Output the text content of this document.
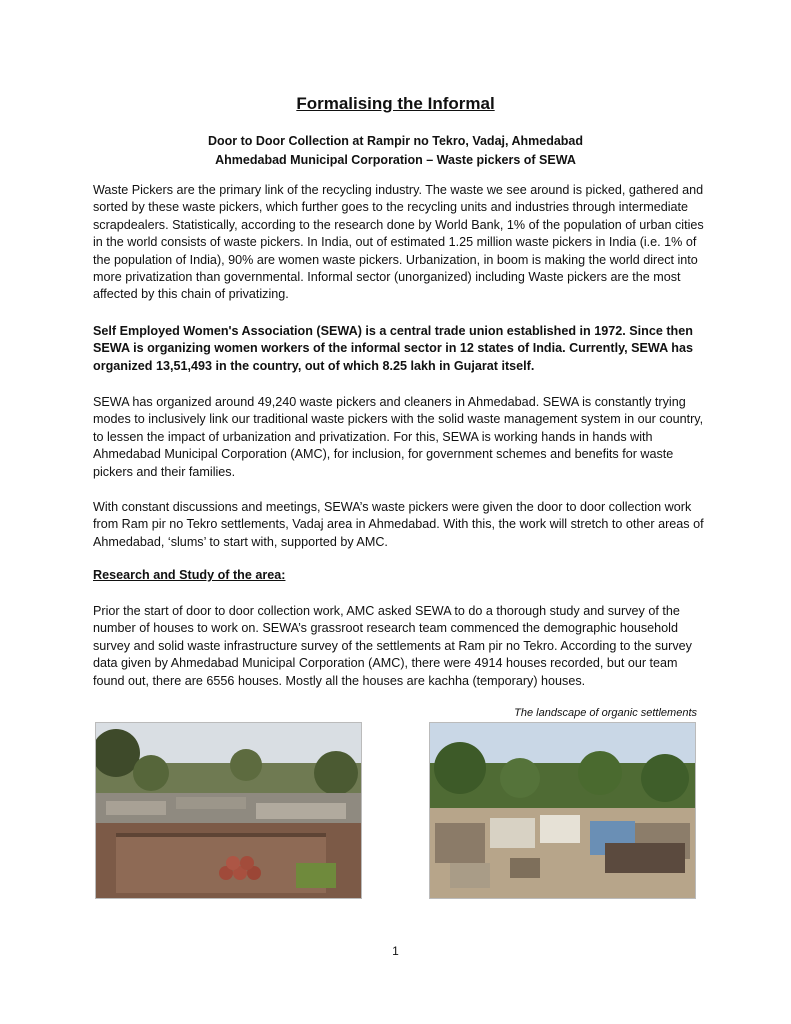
Formalising the Informal
Door to Door Collection at Rampir no Tekro, Vadaj, Ahmedabad
Ahmedabad Municipal Corporation – Waste pickers of SEWA

Waste Pickers are the primary link of the recycling industry. The waste we see around is picked, gathered and sorted by these waste pickers, which further goes to the recycling units and industries through intermediate scrapdealers. Statistically, according to the research done by World Bank, 1% of the population of urban cities in the world consists of waste pickers. In India, out of estimated 1.25 million waste pickers in India (i.e. 1% of the population of India), 90% are women waste pickers. Urbanization, in boom is making the world direct into more privatization than governmental. Informal sector (unorganized) including Waste pickers are the most affected by this chain of privatizing.

Self Employed Women's Association (SEWA) is a central trade union established in 1972. Since then SEWA is organizing women workers of the informal sector in 12 states of India. Currently, SEWA has organized 13,51,493 in the country, out of which 8.25 lakh in Gujarat itself.

SEWA has organized around 49,240 waste pickers and cleaners in Ahmedabad. SEWA is constantly trying modes to inclusively link our traditional waste pickers with the solid waste management system in our country, to lessen the impact of urbanization and privatization. For this, SEWA is working hands in hands with Ahmedabad Municipal Corporation (AMC), for inclusion, for government schemes and benefits for waste pickers and their families.

With constant discussions and meetings, SEWA’s waste pickers were given the door to door collection work from Ram pir no Tekro settlements, Vadaj area in Ahmedabad. With this, the work will stretch to other areas of Ahmedabad, ‘slums’ to start with, supported by AMC.

Research and Study of the area:

Prior the start of door to door collection work, AMC asked SEWA to do a thorough study and survey of the number of houses to work on. SEWA’s grassroot research team commenced the demographic household survey and solid waste infrastructure survey of the settlements at Ram pir no Tekro. According to the survey data given by Ahmedabad Municipal Corporation (AMC), there were 4914 houses recorded, but our team found out, there are 6556 houses. Mostly all the houses are kachha (temporary) houses.

The landscape of organic settlements
1
